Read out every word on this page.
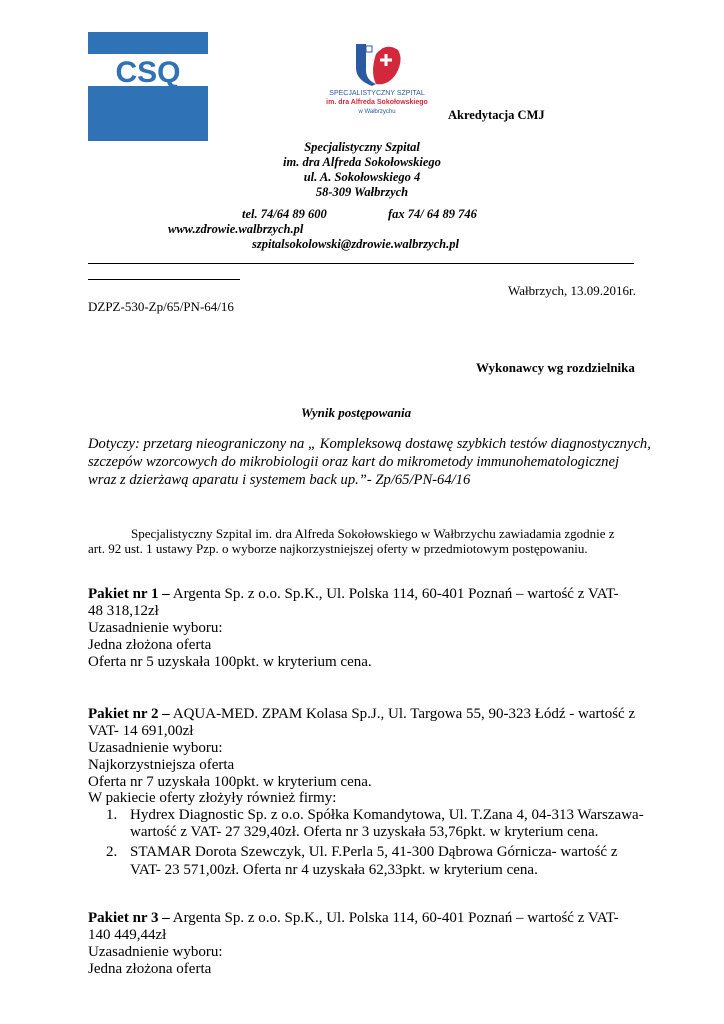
CSQ
SPECJALISTYCZNY SZPITAL
im. dra Alfreda Sokołowskiego
w Wałbrzychu	Akredytacja CMJ
Specjalistyczny Szpital
im. dra Alfreda Sokołowskiego
ul. A. Sokołowskiego 4
58-309 Wałbrzych
tel. 74/64 89 600	fax 74/ 64 89 746
www.zdrowie.walbrzych.pl
szpitalsokolowski@zdrowie.walbrzych.pl
Wałbrzych, 13.09.2016r.
DZPZ-530-Zp/65/PN-64/16
Wykonawcy wg rozdzielnika
Wynik postępowania
Dotyczy: przetarg nieograniczony na „ Kompleksową dostawę szybkich testów diagnostycznych,
szczepów wzorcowych do mikrobiologii oraz kart do mikrometody immunohematologicznej
wraz z dzierżawą aparatu i systemem back up.”- Zp/65/PN-64/16
Specjalistyczny Szpital im. dra Alfreda Sokołowskiego w Wałbrzychu zawiadamia zgodnie z
art. 92 ust. 1 ustawy Pzp. o wyborze najkorzystniejszej oferty w przedmiotowym postępowaniu.
Pakiet nr 1 – Argenta Sp. z o.o. Sp.K., Ul. Polska 114, 60-401 Poznań – wartość z VAT-
48 318,12zł
Uzasadnienie wyboru:
Jedna złożona oferta
Oferta nr 5 uzyskała 100pkt. w kryterium cena.
Pakiet nr 2 – AQUA-MED. ZPAM Kolasa Sp.J., Ul. Targowa 55, 90-323 Łódź - wartość z
VAT- 14 691,00zł
Uzasadnienie wyboru:
Najkorzystniejsza oferta
Oferta nr 7 uzyskała 100pkt. w kryterium cena.
W pakiecie oferty złożyły również firmy:
1. Hydrex Diagnostic Sp. z o.o. Spółka Komandytowa, Ul. T.Zana 4, 04-313 Warszawa-
wartość z VAT- 27 329,40zł. Oferta nr 3 uzyskała 53,76pkt. w kryterium cena.
2. STAMAR Dorota Szewczyk, Ul. F.Perla 5, 41-300 Dąbrowa Górnicza- wartość z
VAT- 23 571,00zł. Oferta nr 4 uzyskała 62,33pkt. w kryterium cena.
Pakiet nr 3 – Argenta Sp. z o.o. Sp.K., Ul. Polska 114, 60-401 Poznań – wartość z VAT-
140 449,44zł
Uzasadnienie wyboru:
Jedna złożona oferta
